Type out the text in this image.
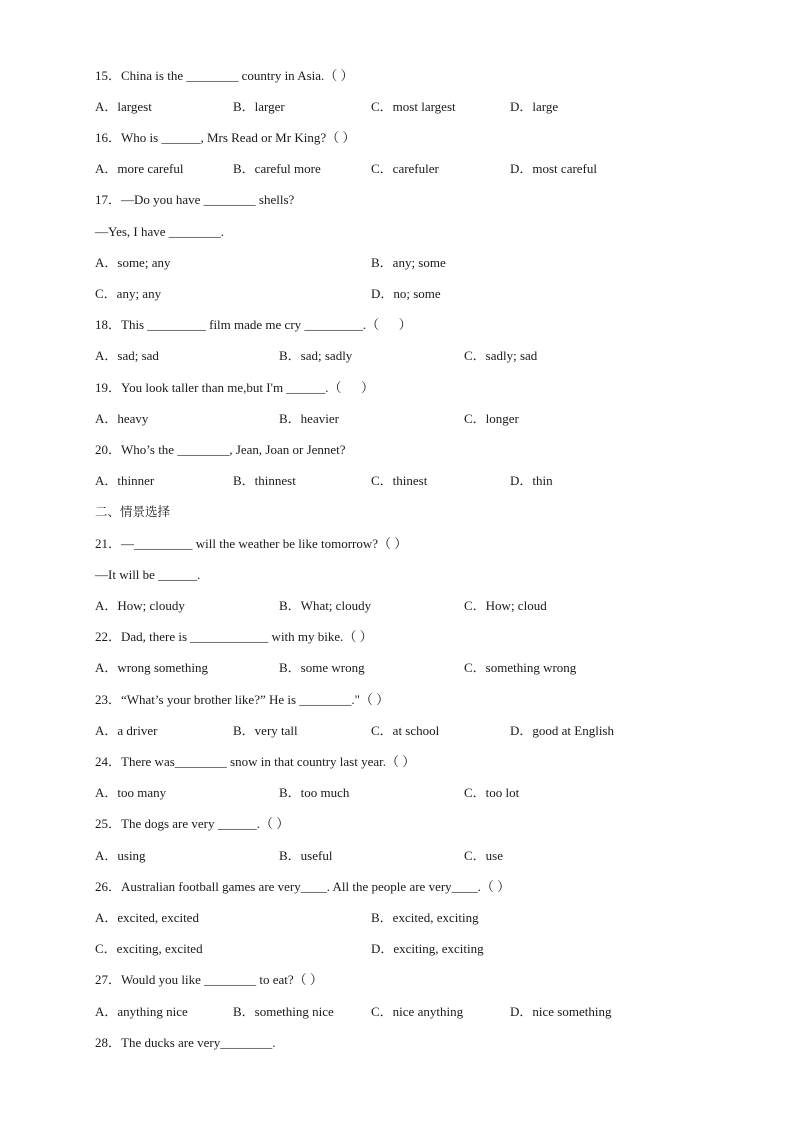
15．China is the ________ country in Asia.（ ）
A．largest	B．larger	C．most largest	D．large
16．Who is ______, Mrs Read or Mr King?（ ）
A．more careful	B．careful more	C．carefuler	D．most careful
17．—Do you have ________ shells?
—Yes, I have ________.
A．some; any	B．any; some
C．any; any	D．no; some
18．This _________ film made me cry _________.（　  ）
A．sad; sad	B．sad; sadly	C．sadly; sad
19．You look taller than me,but I'm ______.（　  ）
A．heavy	B．heavier	C．longer
20．Who’s the ________, Jean, Joan or Jennet?
A．thinner	B．thinnest	C．thinest	D．thin
二、情景选择
21．—_________ will the weather be like tomorrow?（ ）
—It will be ______.
A．How; cloudy	B．What; cloudy	C．How; cloud
22．Dad, there is ____________ with my bike.（ ）
A．wrong something	B．some wrong	C．something wrong
23．“What’s your brother like?” He is ________."（ ）
A．a driver	B．very tall	C．at school	D．good at English
24．There was________ snow in that country last year.（ ）
A．too many	B．too much	C．too lot
25．The dogs are very ______.（ ）
A．using	B．useful	C．use
26．Australian football games are very____. All the people are very____.（ ）
A．excited, excited	B．excited, exciting
C．exciting, excited	D．exciting, exciting
27．Would you like ________ to eat?（ ）
A．anything nice	B．something nice	C．nice anything	D．nice something
28．The ducks are very________.
